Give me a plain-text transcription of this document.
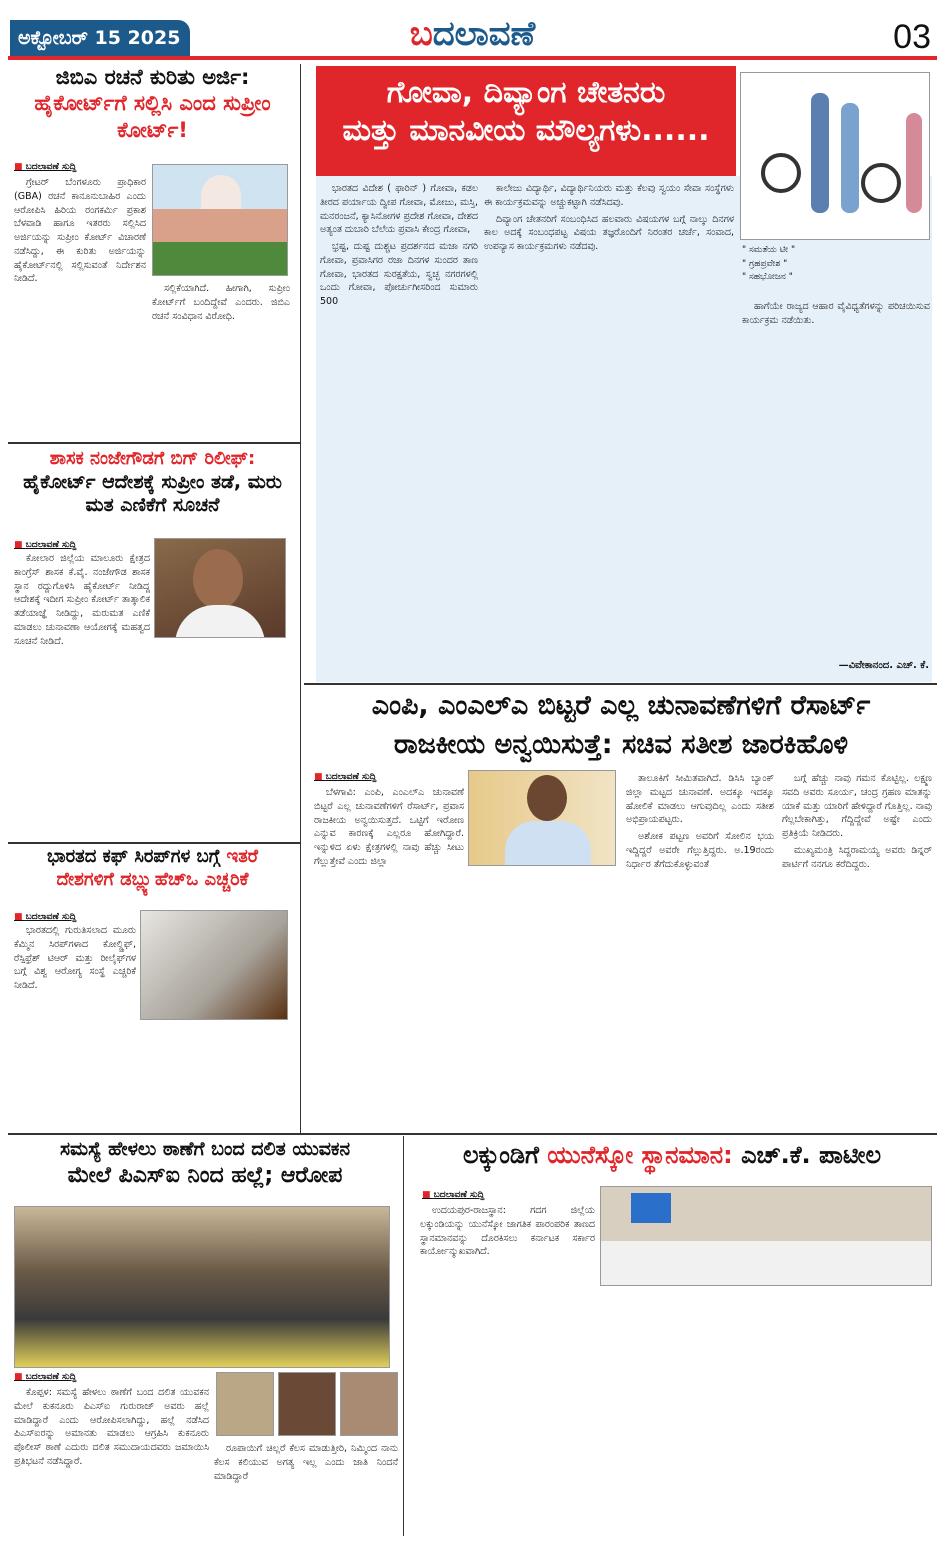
ಅಕ್ಟೋಬರ್ 15 2025	ಬದಲಾವಣೆ	03
ಜಿಬಿಎ ರಚನೆ ಕುರಿತು ಅರ್ಜಿ:
ಹೈಕೋರ್ಟ್‌ಗೆ ಸಲ್ಲಿಸಿ ಎಂದ ಸುಪ್ರೀಂ ಕೋರ್ಟ್!
■ ಬದಲಾವಣೆ ಸುದ್ದಿ

ಗ್ರೇಟರ್ ಬೆಂಗಳೂರು ಪ್ರಾಧಿಕಾರ (GBA) ರಚನೆ ಕಾನೂನುಬಾಹಿರ ಎಂದು ಆರೋಪಿಸಿ ಹಿರಿಯ ರಂಗಕರ್ಮಿ ಪ್ರಕಾಶ ಬೆಳವಾಡಿ ಹಾಗೂ ಇತರರು ಸಲ್ಲಿಸಿದ ಅರ್ಜಿಯನ್ನು ಸುಪ್ರೀಂ ಕೋರ್ಟ್ ವಿಚಾರಣೆ ನಡೆಸಿದ್ದು, ಈ ಕುರಿತು ಅರ್ಜಿಯನ್ನು ಹೈಕೋರ್ಟ್‌ನಲ್ಲಿ ಸಲ್ಲಿಸುವಂತೆ ನಿರ್ದೇಶನ ನೀಡಿದೆ.

ಸಲ್ಲಿಕೆಯಾಗಿದೆ. ಹೀಗಾಗಿ, ಸುಪ್ರೀಂ ಕೋರ್ಟ್‌ಗೆ ಬಂದಿದ್ದೇವೆ ಎಂದರು. ಜಿಬಿಎ ರಚನೆ ಸಂವಿಧಾನ ವಿರೋಧಿ.

ಶಾಸಕ ನಂಜೇಗೌಡಗೆ ಬಿಗ್ ರಿಲೀಫ್:
ಹೈಕೋರ್ಟ್ ಆದೇಶಕ್ಕೆ ಸುಪ್ರೀಂ ತಡೆ, ಮರು ಮತ ಎಣಿಕೆಗೆ ಸೂಚನೆ
■ ಬದಲಾವಣೆ ಸುದ್ದಿ

ಕೋಲಾರ ಜಿಲ್ಲೆಯ ಮಾಲೂರು ಕ್ಷೇತ್ರದ ಕಾಂಗ್ರೆಸ್ ಶಾಸಕ ಕೆ.ವೈ. ನಂಜೇಗೌಡ ಶಾಸಕ ಸ್ಥಾನ ರದ್ದುಗೊಳಿಸಿ ಹೈಕೋರ್ಟ್ ನೀಡಿದ್ದ ಆದೇಶಕ್ಕೆ ಇದೀಗ ಸುಪ್ರೀಂ ಕೋರ್ಟ್ ತಾತ್ಕಾಲಿಕ ತಡೆಯಾಜ್ಞೆ ನೀಡಿದ್ದು, ಮರುಮತ ಎಣಿಕೆ ಮಾಡಲು ಚುನಾವಣಾ ಆಯೋಗಕ್ಕೆ ಮಹತ್ವದ ಸೂಚನೆ ನೀಡಿದೆ.

ಭಾರತದ ಕಫ್ ಸಿರಪ್‌ಗಳ ಬಗ್ಗೆ ಇತರೆ
ದೇಶಗಳಿಗೆ ಡಬ್ಲ್ಯುಹೆಚ್‌ಒ ಎಚ್ಚರಿಕೆ
■ ಬದಲಾವಣೆ ಸುದ್ದಿ

ಭಾರತದಲ್ಲಿ ಗುರುತಿಸಲಾದ ಮೂರು ಕೆಮ್ಮಿನ ಸಿರಪ್‌ಗಳಾದ ಕೋಲ್ಡ್ರಿಫ್, ರೆಸ್ಪಿಫ್ರೆಶ್ ಟಿಆರ್ ಮತ್ತು ರೀಲೈಫ್‌ಗಳ ಬಗ್ಗೆ ವಿಶ್ವ ಆರೋಗ್ಯ ಸಂಸ್ಥೆ ಎಚ್ಚರಿಕೆ ನೀಡಿದೆ.

ಗೋವಾ, ದಿವ್ಯಾಂಗ ಚೇತನರು
ಮತ್ತು ಮಾನವೀಯ ಮೌಲ್ಯಗಳು......

ಭಾರತದ ವಿದೇಶ ( ಫಾರಿನ್ ) ಗೋವಾ, ಕಡಲ ತೀರದ ಪರ್ಯಾಯ ದ್ವೀಪ ಗೋವಾ, ಮೋಜು, ಮಸ್ತಿ, ಮನರಂಜನೆ, ಕ್ಯಾಸಿನೋಗಳ ಪ್ರದೇಶ ಗೋವಾ, ದೇಶದ ಅತ್ಯಂತ ದುಬಾರಿ ಬೆಲೆಯ ಪ್ರವಾಸಿ ಕೇಂದ್ರ ಗೋವಾ,

ಭ್ರಷ್ಟ, ದುಷ್ಟ ದುಶ್ಚಟ ಪ್ರದರ್ಶನದ ಮಜಾ ನಗರಿ ಗೋವಾ, ಪ್ರವಾಸಿಗರ ರಜಾ ದಿನಗಳ ಸುಂದರ ತಾಣ ಗೋವಾ, ಭಾರತದ ಸುರಕ್ಷತೆಯ, ಸ್ವಚ್ಛ ನಗರಗಳಲ್ಲಿ ಒಂದು ಗೋವಾ, ಪೋರ್ಚುಗೀಸರಿಂದ ಸುಮಾರು 500

ಕಾಲೇಜು ವಿದ್ಯಾರ್ಥಿ, ವಿದ್ಯಾರ್ಥಿನಿಯರು ಮತ್ತು ಕೆಲವು ಸ್ವಯಂ ಸೇವಾ ಸಂಸ್ಥೆಗಳು ಈ ಕಾರ್ಯಕ್ರಮವನ್ನು ಅಚ್ಚುಕಟ್ಟಾಗಿ ನಡೆಸಿದವು.

ದಿವ್ಯಾಂಗ ಚೇತನರಿಗೆ ಸಂಬಂಧಿಸಿದ ಹಲವಾರು ವಿಷಯಗಳ ಬಗ್ಗೆ ನಾಲ್ಕು ದಿನಗಳ ಕಾಲ ಅದಕ್ಕೆ ಸಂಬಂಧಪಟ್ಟ ವಿಷಯ ತಜ್ಞರೊಂದಿಗೆ ನಿರಂತರ ಚರ್ಚೆ, ಸಂವಾದ, ಉಪನ್ಯಾಸ ಕಾರ್ಯಕ್ರಮಗಳು ನಡೆದವು.	" ಸಮತೆಯ ಟೀ "
" ಗ್ರಹಪ್ರವೇಶ "
" ಸಹಭೋಜನ "

ಹಾಗೆಯೇ ರಾಜ್ಯದ ಆಹಾರ ವೈವಿಧ್ಯತೆಗಳನ್ನು ಪರಿಚಯಿಸುವ ಕಾರ್ಯಕ್ರಮ ನಡೆಯಿತು.

—ವಿವೇಕಾನಂದ. ಎಚ್. ಕೆ.
ಎಂಪಿ, ಎಂಎಲ್‌ಎ ಬಿಟ್ಟರೆ ಎಲ್ಲ ಚುನಾವಣೆಗಳಿಗೆ ರೆಸಾರ್ಟ್
ರಾಜಕೀಯ ಅನ್ವಯಿಸುತ್ತೆ: ಸಚಿವ ಸತೀಶ ಜಾರಕಿಹೊಳಿ
■ ಬದಲಾವಣೆ ಸುದ್ದಿ

ಬೆಳಗಾವಿ: ಎಂಪಿ, ಎಂಎಲ್‌ಎ ಚುನಾವಣೆ ಬಿಟ್ಟರೆ ಎಲ್ಲ ಚುನಾವಣೆಗಳಿಗೆ ರೆಸಾರ್ಟ್, ಪ್ರವಾಸ ರಾಜಕೀಯ ಅನ್ವಯಿಸುತ್ತದೆ. ಒಟ್ಟಿಗೆ ಇರೋಣ ಎನ್ನುವ ಕಾರಣಕ್ಕೆ ಎಲ್ಲರೂ ಹೋಗಿದ್ದಾರೆ. ಇನ್ನುಳಿದ ಏಳು ಕ್ಷೇತ್ರಗಳಲ್ಲಿ ನಾವು ಹೆಚ್ಚು ಸೀಟು ಗೆಲ್ಲುತ್ತೇವೆ ಎಂದು ಜಿಲ್ಲಾ

ತಾಲೂಕಿಗೆ ಸೀಮಿತವಾಗಿದೆ. ಡಿಸಿಸಿ ಬ್ಯಾಂಕ್ ಜಿಲ್ಲಾ ಮಟ್ಟದ ಚುನಾವಣೆ. ಅದಕ್ಕೂ ಇದಕ್ಕೂ ಹೋಲಿಕೆ ಮಾಡಲು ಆಗುವುದಿಲ್ಲ ಎಂದು ಸತೀಶ ಅಭಿಪ್ರಾಯಪಟ್ಟರು.

ಅಶೋಕ ಪಟ್ಟಣ ಅವರಿಗೆ ಸೋಲಿನ ಭಯ ಇದ್ದಿದ್ದರೆ ಅವರೇ ಗೆಲ್ಲುತ್ತಿದ್ದರು. ಅ.19ರಂದು ನಿರ್ಧಾರ ತೆಗೆದುಕೊಳ್ಳುವಂತೆ

ಬಗ್ಗೆ ಹೆಚ್ಚು ನಾವು ಗಮನ ಕೊಟ್ಟಿಲ್ಲ. ಲಕ್ಷ್ಮಣ ಸವದಿ ಅವರು ಸೂರ್ಯ, ಚಂದ್ರ ಗ್ರಹಣ ಮಾತನ್ನು ಯಾಕೆ ಮತ್ತು ಯಾರಿಗೆ ಹೇಳಿದ್ದಾರೆ ಗೊತ್ತಿಲ್ಲ. ನಾವು ಗೆಲ್ಲಬೇಕಾಗಿತ್ತು, ಗೆದ್ದಿದ್ದೇವೆ ಅಷ್ಟೇ ಎಂದು ಪ್ರತಿಕ್ರಿಯೆ ನೀಡಿದರು.

ಮುಖ್ಯಮಂತ್ರಿ ಸಿದ್ದರಾಮಯ್ಯ ಅವರು ಡಿನ್ನರ್ ಪಾರ್ಟಿಗೆ ನನಗೂ ಕರೆದಿದ್ದರು.

ಸಮಸ್ಯೆ ಹೇಳಲು ಠಾಣೆಗೆ ಬಂದ ದಲಿತ ಯುವಕನ
ಮೇಲೆ ಪಿಎಸ್‌ಐ ನಿಂದ ಹಲ್ಲೆ; ಆರೋಪ
■ ಬದಲಾವಣೆ ಸುದ್ದಿ

ಕೊಪ್ಪಳ: ಸಮಸ್ಯೆ ಹೇಳಲು ಠಾಣೆಗೆ ಬಂದ ದಲಿತ ಯುವಕನ ಮೇಲೆ ಕುಕನೂರು ಪಿಎಸ್‌ಐ ಗುರುರಾಜ್ ಅವರು ಹಲ್ಲೆ ಮಾಡಿದ್ದಾರೆ ಎಂದು ಆರೋಪಿಸಲಾಗಿದ್ದು, ಹಲ್ಲೆ ನಡೆಸಿದ ಪಿಎಸ್‌ಐರನ್ನು ಅಮಾನತು ಮಾಡಲು ಆಗ್ರಹಿಸಿ ಕುಕನೂರು ಪೊಲೀಸ್ ಠಾಣೆ ಎದುರು ದಲಿತ ಸಮುದಾಯದವರು ಜಮಾಯಿಸಿ ಪ್ರತಿಭಟನೆ ನಡೆಸಿದ್ದಾರೆ.

ರೂಪಾಯಿಗೆ ಚಿಲ್ಲರೆ ಕೆಲಸ ಮಾಡುತ್ತೀರಿ, ನಿಮ್ಮಿಂದ ನಾನು ಕೆಲಸ ಕಲಿಯುವ ಅಗತ್ಯ ಇಲ್ಲ ಎಂದು ಜಾತಿ ನಿಂದನೆ ಮಾಡಿದ್ದಾರೆ

ಲಕ್ಕುಂಡಿಗೆ ಯುನೆಸ್ಕೋ ಸ್ಥಾನಮಾನ: ಎಚ್.ಕೆ. ಪಾಟೀಲ
■ ಬದಲಾವಣೆ ಸುದ್ದಿ

ಉದಯಪುರ-ರಾಜಸ್ಥಾನ: ಗದಗ ಜಿಲ್ಲೆಯ ಲಕ್ಕುಂಡಿಯನ್ನು ಯುನೆಸ್ಕೋ ಜಾಗತಿಕ ಪಾರಂಪರಿಕ ತಾಣದ ಸ್ಥಾನಮಾನವನ್ನು ದೊರಕಿಸಲು ಕರ್ನಾಟಕ ಸರ್ಕಾರ ಕಾರ್ಯೋನ್ಮುಖವಾಗಿದೆ.
